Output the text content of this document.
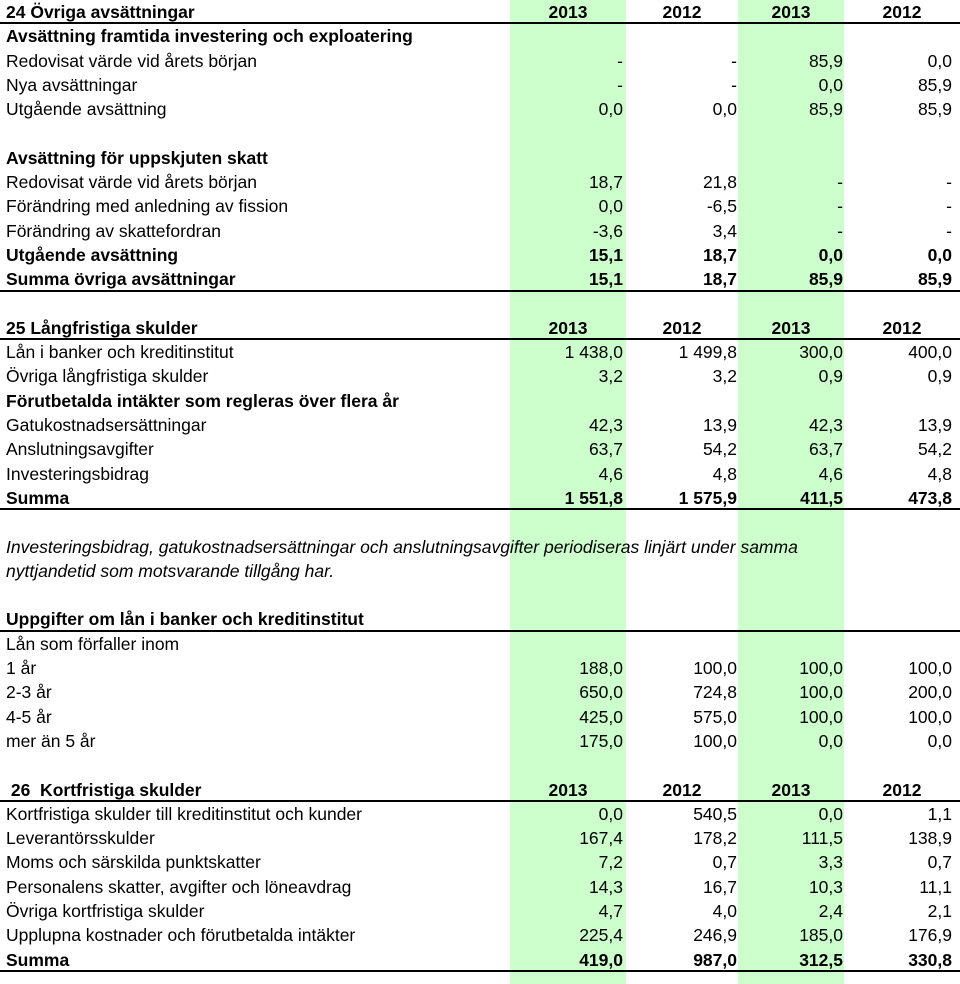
24 Övriga avsättningar	2013	2012	2013	2012
Avsättning framtida investering och exploatering
Redovisat värde vid årets början	-	-	85,9	0,0
Nya avsättningar	-	-	0,0	85,9
Utgående avsättning	0,0	0,0	85,9	85,9
Avsättning för uppskjuten skatt
Redovisat värde vid årets början	18,7	21,8	-	-
Förändring med anledning av fission	0,0	-6,5	-	-
Förändring av skattefordran	-3,6	3,4	-	-
Utgående avsättning	15,1	18,7	0,0	0,0
Summa övriga avsättningar	15,1	18,7	85,9	85,9
25 Långfristiga skulder	2013	2012	2013	2012
Lån i banker och kreditinstitut	1 438,0	1 499,8	300,0	400,0
Övriga långfristiga skulder	3,2	3,2	0,9	0,9
Förutbetalda intäkter som regleras över flera år
Gatukostnadsersättningar	42,3	13,9	42,3	13,9
Anslutningsavgifter	63,7	54,2	63,7	54,2
Investeringsbidrag	4,6	4,8	4,6	4,8
Summa	1 551,8	1 575,9	411,5	473,8
Investeringsbidrag, gatukostnadsersättningar och anslutningsavgifter periodiseras linjärt under samma
nyttjandetid som motsvarande tillgång har.
Uppgifter om lån i banker och kreditinstitut
Lån som förfaller inom
1 år	188,0	100,0	100,0	100,0
2-3 år	650,0	724,8	100,0	200,0
4-5 år	425,0	575,0	100,0	100,0
mer än 5 år	175,0	100,0	0,0	0,0
26  Kortfristiga skulder	2013	2012	2013	2012
Kortfristiga skulder till kreditinstitut och kunder	0,0	540,5	0,0	1,1
Leverantörsskulder	167,4	178,2	111,5	138,9
Moms och särskilda punktskatter	7,2	0,7	3,3	0,7
Personalens skatter, avgifter och löneavdrag	14,3	16,7	10,3	11,1
Övriga kortfristiga skulder	4,7	4,0	2,4	2,1
Upplupna kostnader och förutbetalda intäkter	225,4	246,9	185,0	176,9
Summa	419,0	987,0	312,5	330,8
